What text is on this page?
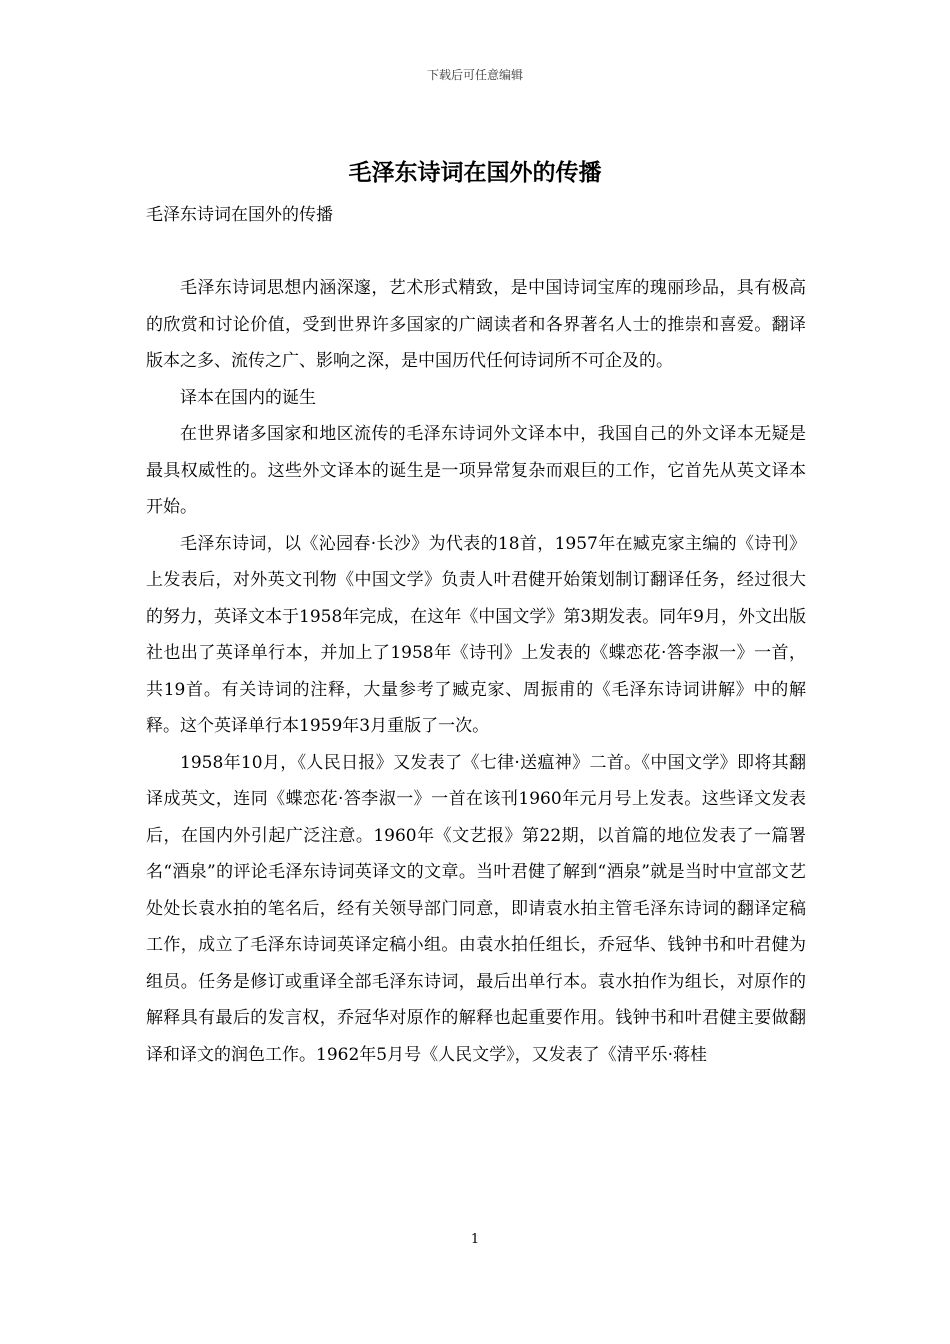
下载后可任意编辑
毛泽东诗词在国外的传播

毛泽东诗词在国外的传播

毛泽东诗词思想内涵深邃，艺术形式精致，是中国诗词宝库的瑰丽珍品，具有极高的欣赏和讨论价值，受到世界许多国家的广阔读者和各界著名人士的推崇和喜爱。翻译版本之多、流传之广、影响之深，是中国历代任何诗词所不可企及的。

译本在国内的诞生

在世界诸多国家和地区流传的毛泽东诗词外文译本中，我国自己的外文译本无疑是最具权威性的。这些外文译本的诞生是一项异常复杂而艰巨的工作，它首先从英文译本开始。

毛泽东诗词，以《沁园春·长沙》为代表的18首，1957年在臧克家主编的《诗刊》上发表后，对外英文刊物《中国文学》负责人叶君健开始策划制订翻译任务，经过很大的努力，英译文本于1958年完成，在这年《中国文学》第3期发表。同年9月，外文出版社也出了英译单行本，并加上了1958年《诗刊》上发表的《蝶恋花·答李淑一》一首，共19首。有关诗词的注释，大量参考了臧克家、周振甫的《毛泽东诗词讲解》中的解释。这个英译单行本1959年3月重版了一次。

1958年10月，《人民日报》又发表了《七律·送瘟神》二首。《中国文学》即将其翻译成英文，连同《蝶恋花·答李淑一》一首在该刊1960年元月号上发表。这些译文发表后，在国内外引起广泛注意。1960年《文艺报》第22期，以首篇的地位发表了一篇署名“酒泉”的评论毛泽东诗词英译文的文章。当叶君健了解到“酒泉”就是当时中宣部文艺处处长袁水拍的笔名后，经有关领导部门同意，即请袁水拍主管毛泽东诗词的翻译定稿工作，成立了毛泽东诗词英译定稿小组。由袁水拍任组长，乔冠华、钱钟书和叶君健为组员。任务是修订或重译全部毛泽东诗词，最后出单行本。袁水拍作为组长，对原作的解释具有最后的发言权，乔冠华对原作的解释也起重要作用。钱钟书和叶君健主要做翻译和译文的润色工作。1962年5月号《人民文学》，又发表了《清平乐·蒋桂

1
